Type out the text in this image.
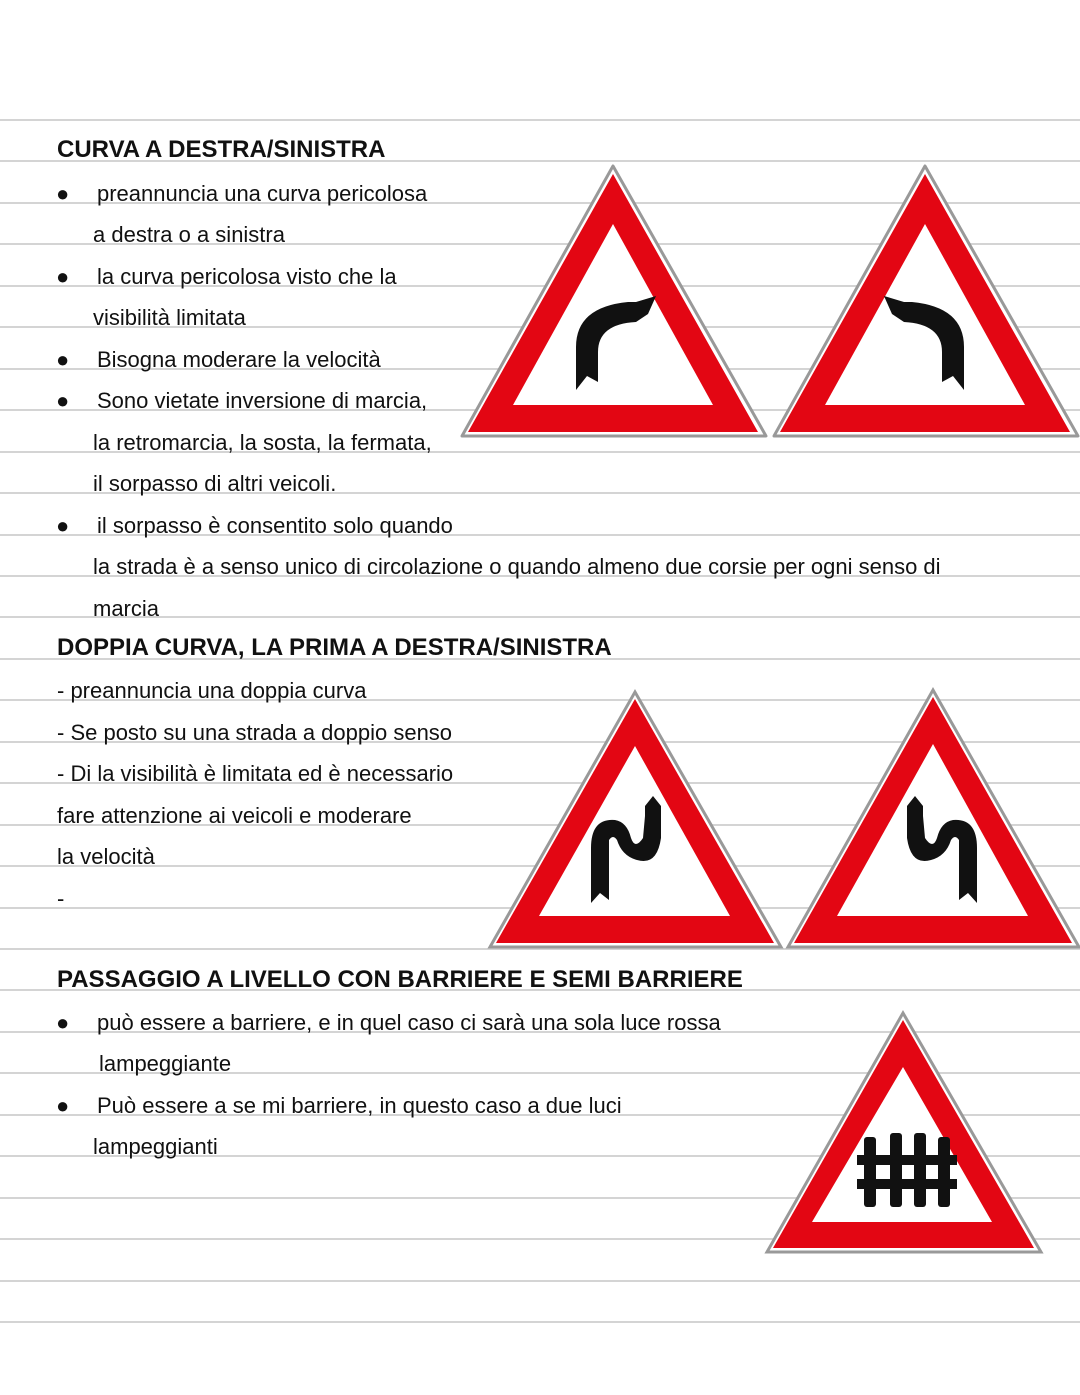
CURVA A DESTRA/SINISTRA
● preannuncia una curva pericolosa
a destra o a sinistra
● la curva pericolosa visto che la
visibilità limitata
● Bisogna moderare la velocità
● Sono vietate inversione di marcia,
la retromarcia, la sosta, la fermata,
il sorpasso di altri veicoli.
● il sorpasso è consentito solo quando
la strada è a senso unico di circolazione o quando almeno due corsie per ogni senso di
marcia
DOPPIA CURVA, LA PRIMA A DESTRA/SINISTRA
- preannuncia una doppia curva
- Se posto su una strada a doppio senso
- Di la visibilità è limitata ed è necessario
fare attenzione ai veicoli e moderare
la velocità
-
PASSAGGIO A LIVELLO CON BARRIERE E SEMI BARRIERE
● può essere a barriere, e in quel caso ci sarà una sola luce rossa
lampeggiante
● Può essere a se mi barriere, in questo caso a due luci
lampeggianti
